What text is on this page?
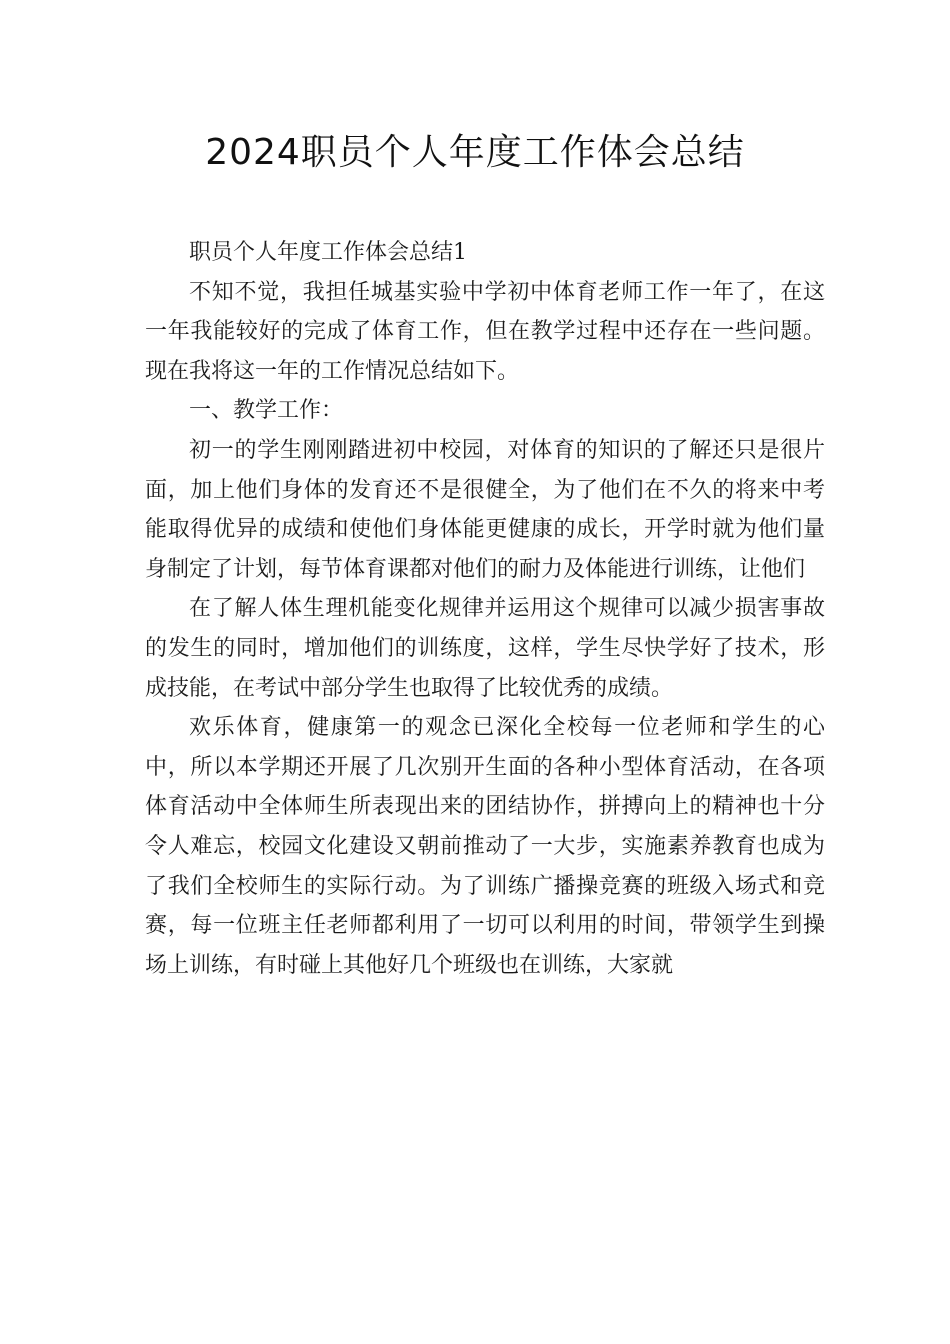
2024职员个人年度工作体会总结

职员个人年度工作体会总结1

不知不觉，我担任城基实验中学初中体育老师工作一年了，在这一年我能较好的完成了体育工作，但在教学过程中还存在一些问题。现在我将这一年的工作情况总结如下。

一、教学工作：

初一的学生刚刚踏进初中校园，对体育的知识的了解还只是很片面，加上他们身体的发育还不是很健全，为了他们在不久的将来中考能取得优异的成绩和使他们身体能更健康的成长，开学时就为他们量身制定了计划，每节体育课都对他们的耐力及体能进行训练，让他们

在了解人体生理机能变化规律并运用这个规律可以减少损害事故的发生的同时，增加他们的训练度，这样，学生尽快学好了技术，形成技能，在考试中部分学生也取得了比较优秀的成绩。

欢乐体育，健康第一的观念已深化全校每一位老师和学生的心中，所以本学期还开展了几次别开生面的各种小型体育活动，在各项体育活动中全体师生所表现出来的团结协作，拼搏向上的精神也十分令人难忘，校园文化建设又朝前推动了一大步，实施素养教育也成为了我们全校师生的实际行动。为了训练广播操竞赛的班级入场式和竞赛，每一位班主任老师都利用了一切可以利用的时间，带领学生到操场上训练，有时碰上其他好几个班级也在训练，大家就
